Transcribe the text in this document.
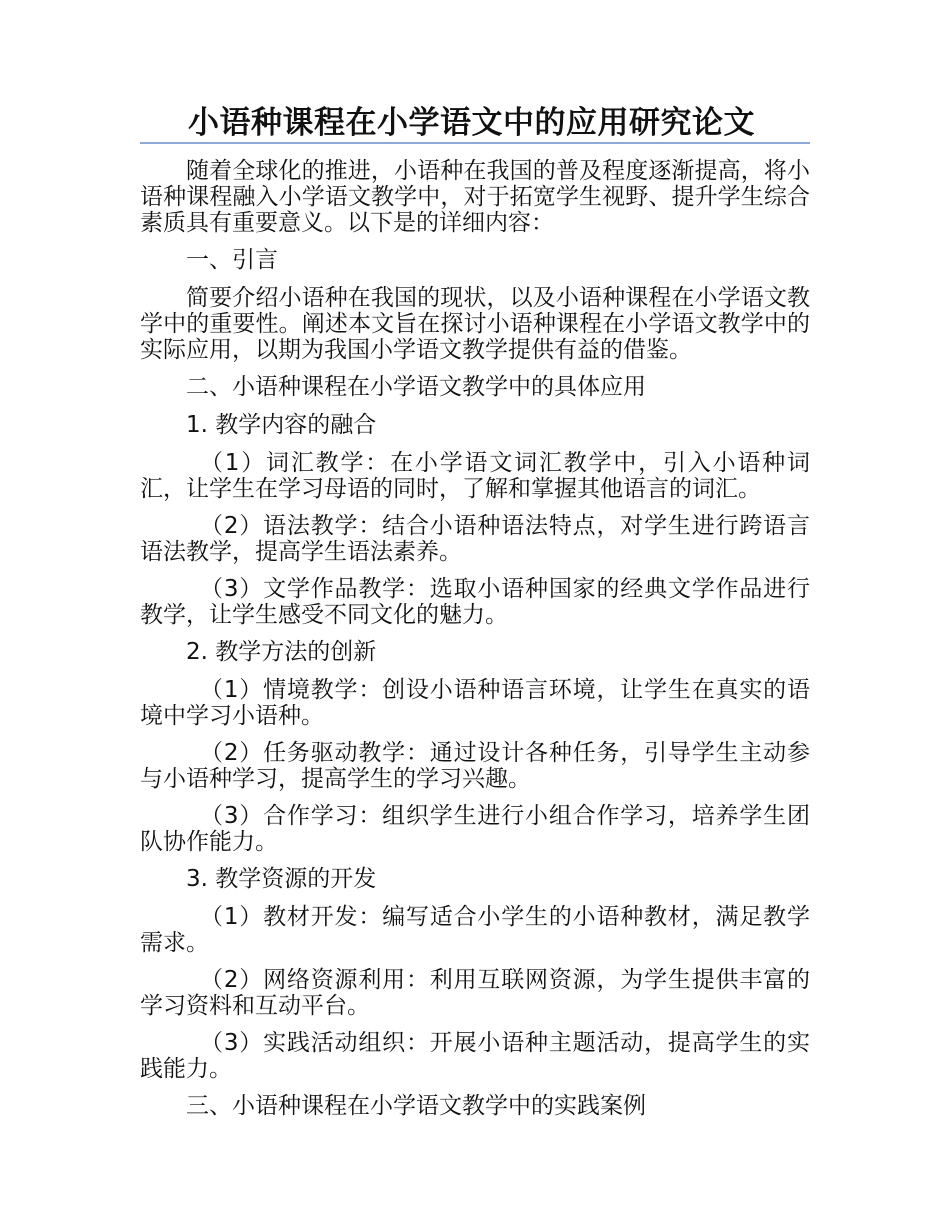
小语种课程在小学语文中的应用研究论文

随着全球化的推进，小语种在我国的普及程度逐渐提高，将小语种课程融入小学语文教学中，对于拓宽学生视野、提升学生综合素质具有重要意义。以下是的详细内容：

一、引言

简要介绍小语种在我国的现状，以及小语种课程在小学语文教学中的重要性。阐述本文旨在探讨小语种课程在小学语文教学中的实际应用，以期为我国小学语文教学提供有益的借鉴。

二、小语种课程在小学语文教学中的具体应用

1. 教学内容的融合

（1）词汇教学：在小学语文词汇教学中，引入小语种词汇，让学生在学习母语的同时，了解和掌握其他语言的词汇。

（2）语法教学：结合小语种语法特点，对学生进行跨语言语法教学，提高学生语法素养。

（3）文学作品教学：选取小语种国家的经典文学作品进行教学，让学生感受不同文化的魅力。

2. 教学方法的创新

（1）情境教学：创设小语种语言环境，让学生在真实的语境中学习小语种。

（2）任务驱动教学：通过设计各种任务，引导学生主动参与小语种学习，提高学生的学习兴趣。

（3）合作学习：组织学生进行小组合作学习，培养学生团队协作能力。

3. 教学资源的开发

（1）教材开发：编写适合小学生的小语种教材，满足教学需求。

（2）网络资源利用：利用互联网资源，为学生提供丰富的学习资料和互动平台。

（3）实践活动组织：开展小语种主题活动，提高学生的实践能力。

三、小语种课程在小学语文教学中的实践案例
